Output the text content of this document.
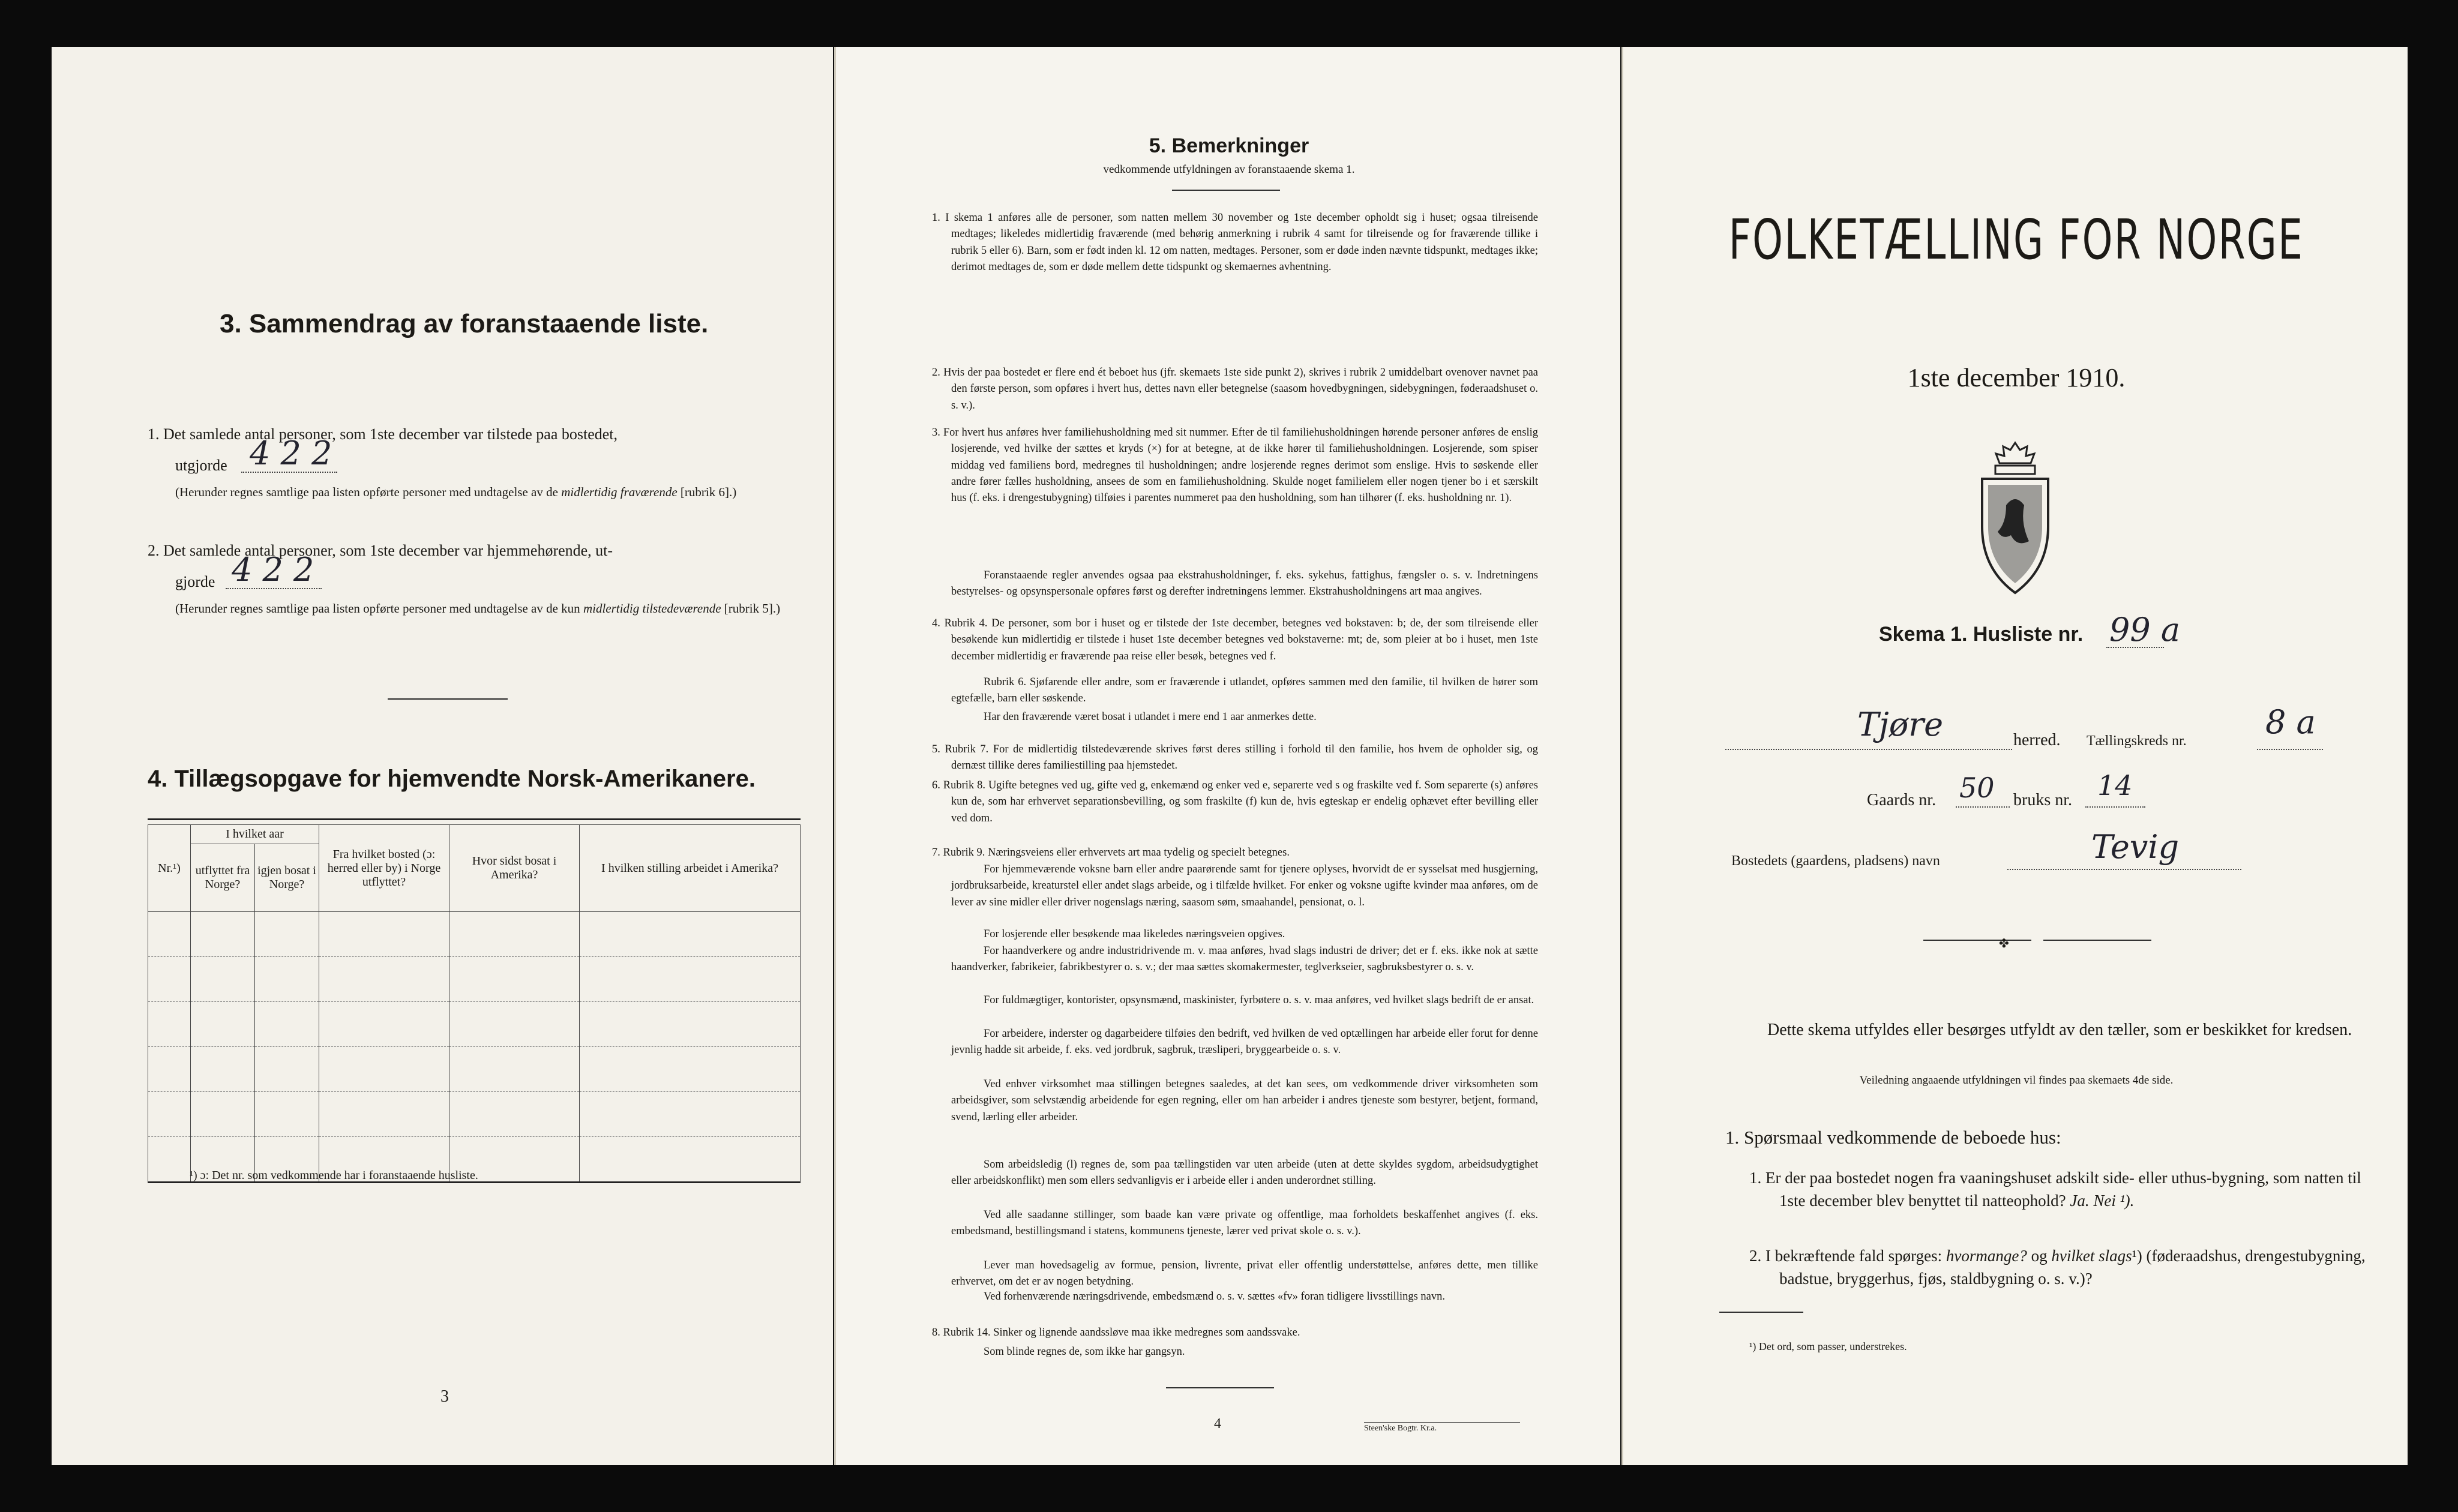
3. Sammendrag av foranstaaende liste.
1. Det samlede antal personer, som 1ste december var tilstede paa bostedet,
utgjorde 4 2 2
(Herunder regnes samtlige paa listen opførte personer med undtagelse av de midlertidig fraværende [rubrik 6].)
2. Det samlede antal personer, som 1ste december var hjemmehørende, ut-
gjorde 4 2 2
(Herunder regnes samtlige paa listen opførte personer med undtagelse av de kun midlertidig tilstedeværende [rubrik 5].)
4. Tillægsopgave for hjemvendte Norsk-Amerikanere.
Nr.¹)	I hvilket aar		Fra hvilket bosted (ɔ: herred eller by) i Norge utflyttet?	Hvor sidst bosat i Amerika?	I hvilken stilling arbeidet i Amerika?
	utflyttet fra Norge?	igjen bosat i Norge?			

¹) ɔ: Det nr. som vedkommende har i foranstaaende husliste.
3
5. Bemerkninger
vedkommende utfyldningen av foranstaaende skema 1.
1. I skema 1 anføres alle de personer, som natten mellem 30 november og 1ste december opholdt sig i huset; ogsaa tilreisende medtages; likeledes midlertidig fraværende (med behørig anmerkning i rubrik 4 samt for tilreisende og for fraværende tillike i rubrik 5 eller 6). Barn, som er født inden kl. 12 om natten, medtages. Personer, som er døde inden nævnte tidspunkt, medtages ikke; derimot medtages de, som er døde mellem dette tidspunkt og skemaernes avhentning.
2. Hvis der paa bostedet er flere end ét beboet hus (jfr. skemaets 1ste side punkt 2), skrives i rubrik 2 umiddelbart ovenover navnet paa den første person, som opføres i hvert hus, dettes navn eller betegnelse (saasom hovedbygningen, sidebygningen, føderaadshuset o. s. v.).
3. For hvert hus anføres hver familiehusholdning med sit nummer. Efter de til familiehusholdningen hørende personer anføres de enslig losjerende, ved hvilke der sættes et kryds (×) for at betegne, at de ikke hører til familiehusholdningen. Losjerende, som spiser middag ved familiens bord, medregnes til husholdningen; andre losjerende regnes derimot som enslige. Hvis to søskende eller andre fører fælles husholdning, ansees de som en familiehusholdning. Skulde noget familielem eller nogen tjener bo i et særskilt hus (f. eks. i drengestubygning) tilføies i parentes nummeret paa den husholdning, som han tilhører (f. eks. husholdning nr. 1).
Foranstaaende regler anvendes ogsaa paa ekstrahusholdninger, f. eks. sykehus, fattighus, fængsler o. s. v. Indretningens bestyrelses- og opsynspersonale opføres først og derefter indretningens lemmer. Ekstrahusholdningens art maa angives.
4. Rubrik 4. De personer, som bor i huset og er tilstede der 1ste december, betegnes ved bokstaven: b; de, der som tilreisende eller besøkende kun midlertidig er tilstede i huset 1ste december betegnes ved bokstaverne: mt; de, som pleier at bo i huset, men 1ste december midlertidig er fraværende paa reise eller besøk, betegnes ved f.
Rubrik 6. Sjøfarende eller andre, som er fraværende i utlandet, opføres sammen med den familie, til hvilken de hører som egtefælle, barn eller søskende.
Har den fraværende været bosat i utlandet i mere end 1 aar anmerkes dette.
5. Rubrik 7. For de midlertidig tilstedeværende skrives først deres stilling i forhold til den familie, hos hvem de opholder sig, og dernæst tillike deres familiestilling paa hjemstedet.
6. Rubrik 8. Ugifte betegnes ved ug, gifte ved g, enkemænd og enker ved e, separerte ved s og fraskilte ved f. Som separerte (s) anføres kun de, som har erhvervet separationsbevilling, og som fraskilte (f) kun de, hvis egteskap er endelig ophævet efter bevilling eller ved dom.
7. Rubrik 9. Næringsveiens eller erhvervets art maa tydelig og specielt betegnes.
For hjemmeværende voksne barn eller andre paarørende samt for tjenere oplyses, hvorvidt de er sysselsat med husgjerning, jordbruksarbeide, kreaturstel eller andet slags arbeide, og i tilfælde hvilket. For enker og voksne ugifte kvinder maa anføres, om de lever av sine midler eller driver nogenslags næring, saasom søm, smaahandel, pensionat, o. l.
For losjerende eller besøkende maa likeledes næringsveien opgives.
For haandverkere og andre industridrivende m. v. maa anføres, hvad slags industri de driver; det er f. eks. ikke nok at sætte haandverker, fabrikeier, fabrikbestyrer o. s. v.; der maa sættes skomakermester, teglverkseier, sagbruksbestyrer o. s. v.
For fuldmægtiger, kontorister, opsynsmænd, maskinister, fyrbøtere o. s. v. maa anføres, ved hvilket slags bedrift de er ansat.
For arbeidere, inderster og dagarbeidere tilføies den bedrift, ved hvilken de ved optællingen har arbeide eller forut for denne jevnlig hadde sit arbeide, f. eks. ved jordbruk, sagbruk, træsliperi, bryggearbeide o. s. v.
Ved enhver virksomhet maa stillingen betegnes saaledes, at det kan sees, om vedkommende driver virksomheten som arbeidsgiver, som selvstændig arbeidende for egen regning, eller om han arbeider i andres tjeneste som bestyrer, betjent, formand, svend, lærling eller arbeider.
Som arbeidsledig (l) regnes de, som paa tællingstiden var uten arbeide (uten at dette skyldes sygdom, arbeidsudygtighet eller arbeidskonflikt) men som ellers sedvanligvis er i arbeide eller i anden underordnet stilling.
Ved alle saadanne stillinger, som baade kan være private og offentlige, maa forholdets beskaffenhet angives (f. eks. embedsmand, bestillingsmand i statens, kommunens tjeneste, lærer ved privat skole o. s. v.).
Lever man hovedsagelig av formue, pension, livrente, privat eller offentlig understøttelse, anføres dette, men tillike erhvervet, om det er av nogen betydning.
Ved forhenværende næringsdrivende, embedsmænd o. s. v. sættes «fv» foran tidligere livsstillings navn.
8. Rubrik 14. Sinker og lignende aandssløve maa ikke medregnes som aandssvake.
Som blinde regnes de, som ikke har gangsyn.
4	Steen'ske Bogtr. Kr.a.
FOLKETÆLLING FOR NORGE
1ste december 1910.
Skema 1. Husliste nr. 99 a
Tjøre	herred. Tællingskreds nr. 8 a
Gaards nr. 50 bruks nr. 14
Bostedets (gaardens, pladsens) navn	Tevig
✤
Dette skema utfyldes eller besørges utfyldt av den tæller, som er beskikket for kredsen.
Veiledning angaaende utfyldningen vil findes paa skemaets 4de side.
1. Spørsmaal vedkommende de beboede hus:
1. Er der paa bostedet nogen fra vaaningshuset adskilt side- eller uthus-bygning, som natten til 1ste december blev benyttet til natteophold? Ja. Nei ¹).
2. I bekræftende fald spørges: hvormange? og hvilket slags¹) (føderaadshus, drengestubygning, badstue, bryggerhus, fjøs, staldbygning o. s. v.)?
¹) Det ord, som passer, understrekes.
